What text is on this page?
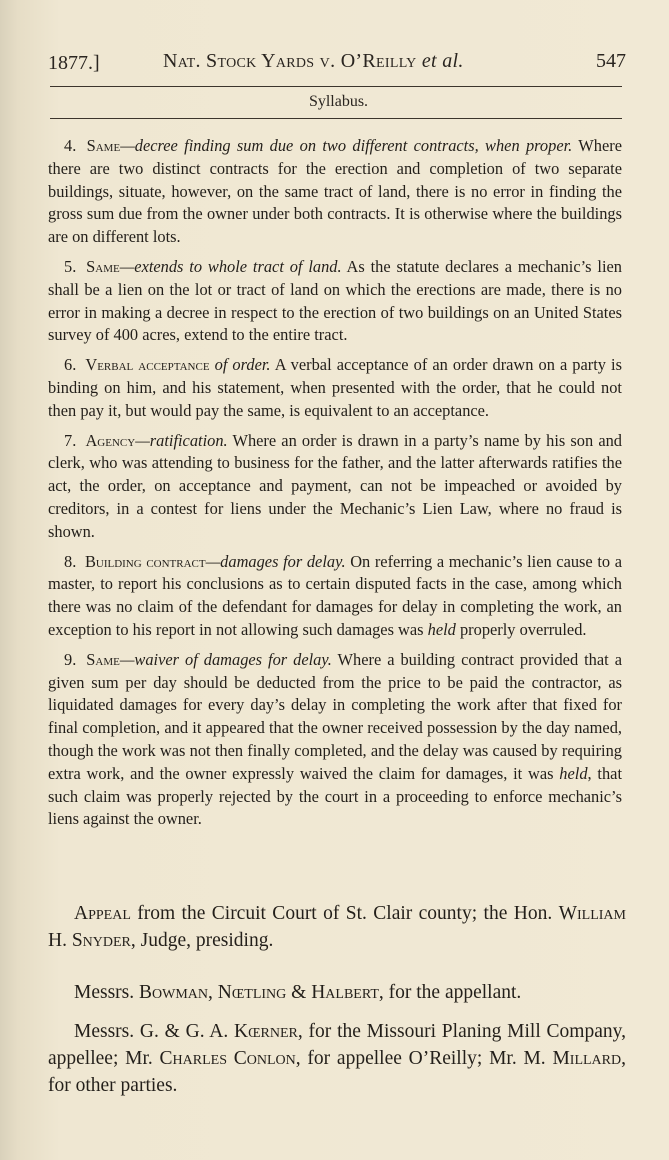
1877.]	Nat. Stock Yards v. O’Reilly et al.	547
Syllabus.

4. Same—decree finding sum due on two different contracts, when proper. Where there are two distinct contracts for the erection and completion of two separate buildings, situate, however, on the same tract of land, there is no error in finding the gross sum due from the owner under both contracts. It is otherwise where the buildings are on different lots.

5. Same—extends to whole tract of land. As the statute declares a mechanic’s lien shall be a lien on the lot or tract of land on which the erections are made, there is no error in making a decree in respect to the erection of two buildings on an United States survey of 400 acres, extend to the entire tract.

6. Verbal acceptance of order. A verbal acceptance of an order drawn on a party is binding on him, and his statement, when presented with the order, that he could not then pay it, but would pay the same, is equivalent to an acceptance.

7. Agency—ratification. Where an order is drawn in a party’s name by his son and clerk, who was attending to business for the father, and the latter afterwards ratifies the act, the order, on acceptance and payment, can not be impeached or avoided by creditors, in a contest for liens under the Mechanic’s Lien Law, where no fraud is shown.

8. Building contract—damages for delay. On referring a mechanic’s lien cause to a master, to report his conclusions as to certain disputed facts in the case, among which there was no claim of the defendant for damages for delay in completing the work, an exception to his report in not allowing such damages was held properly overruled.

9. Same—waiver of damages for delay. Where a building contract provided that a given sum per day should be deducted from the price to be paid the contractor, as liquidated damages for every day’s delay in completing the work after that fixed for final completion, and it appeared that the owner received possession by the day named, though the work was not then finally completed, and the delay was caused by requiring extra work, and the owner expressly waived the claim for damages, it was held, that such claim was properly rejected by the court in a proceeding to enforce mechanic’s liens against the owner.

Appeal from the Circuit Court of St. Clair county; the Hon. William H. Snyder, Judge, presiding.

Messrs. Bowman, Nœtling & Halbert, for the appellant.

Messrs. G. & G. A. Kœrner, for the Missouri Planing Mill Company, appellee; Mr. Charles Conlon, for appellee O’Reilly; Mr. M. Millard, for other parties.
